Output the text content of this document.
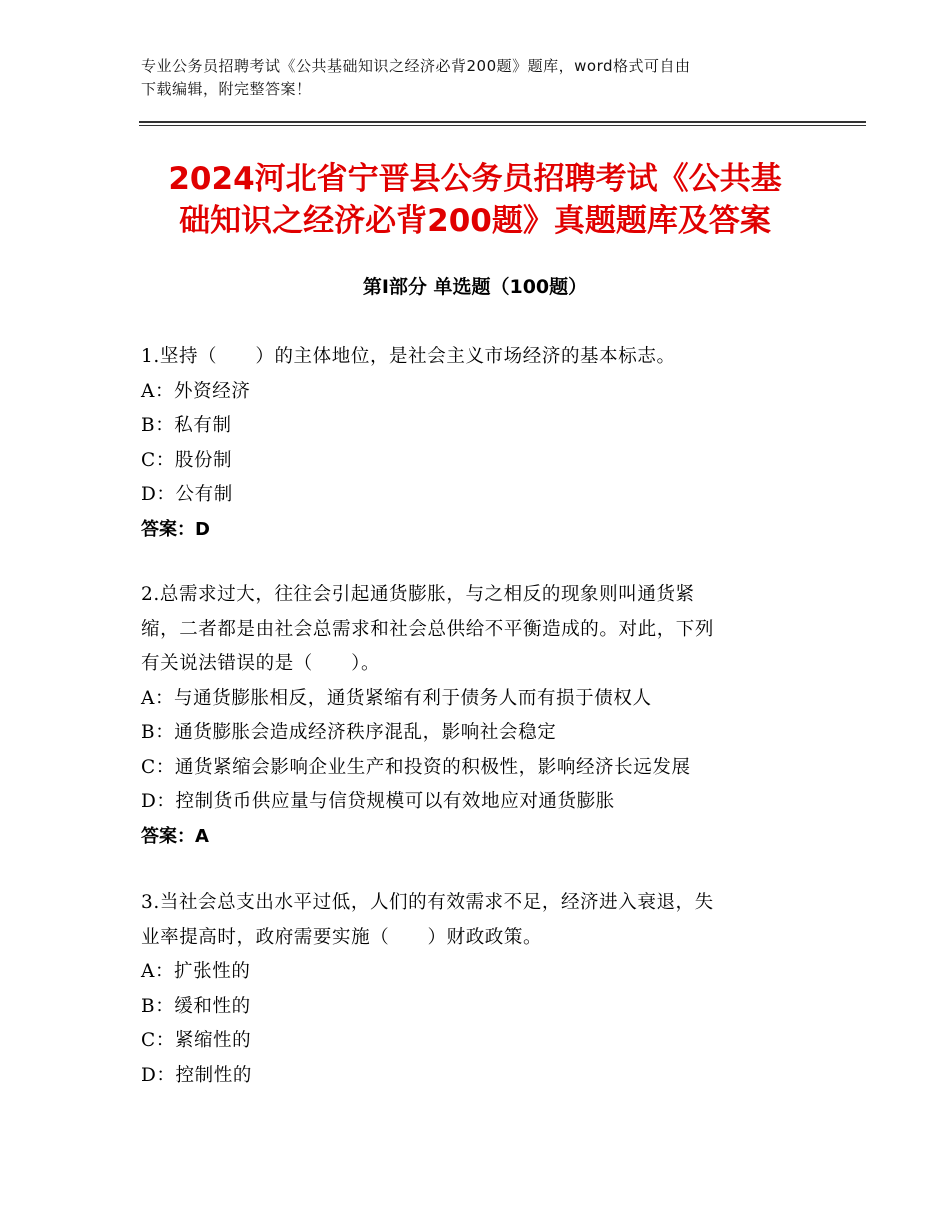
专业公务员招聘考试《公共基础知识之经济必背200题》题库，word格式可自由
下载编辑，附完整答案！
2024河北省宁晋县公务员招聘考试《公共基
础知识之经济必背200题》真题题库及答案
第Ⅰ部分 单选题（100题）
1.坚持（　　）的主体地位，是社会主义市场经济的基本标志。
A：外资经济
B：私有制
C：股份制
D：公有制
答案：D
2.总需求过大，往往会引起通货膨胀，与之相反的现象则叫通货紧
缩，二者都是由社会总需求和社会总供给不平衡造成的。对此，下列
有关说法错误的是（　　）。
A：与通货膨胀相反，通货紧缩有利于债务人而有损于债权人
B：通货膨胀会造成经济秩序混乱，影响社会稳定
C：通货紧缩会影响企业生产和投资的积极性，影响经济长远发展
D：控制货币供应量与信贷规模可以有效地应对通货膨胀
答案：A
3.当社会总支出水平过低，人们的有效需求不足，经济进入衰退，失
业率提高时，政府需要实施（　　）财政政策。
A：扩张性的
B：缓和性的
C：紧缩性的
D：控制性的
